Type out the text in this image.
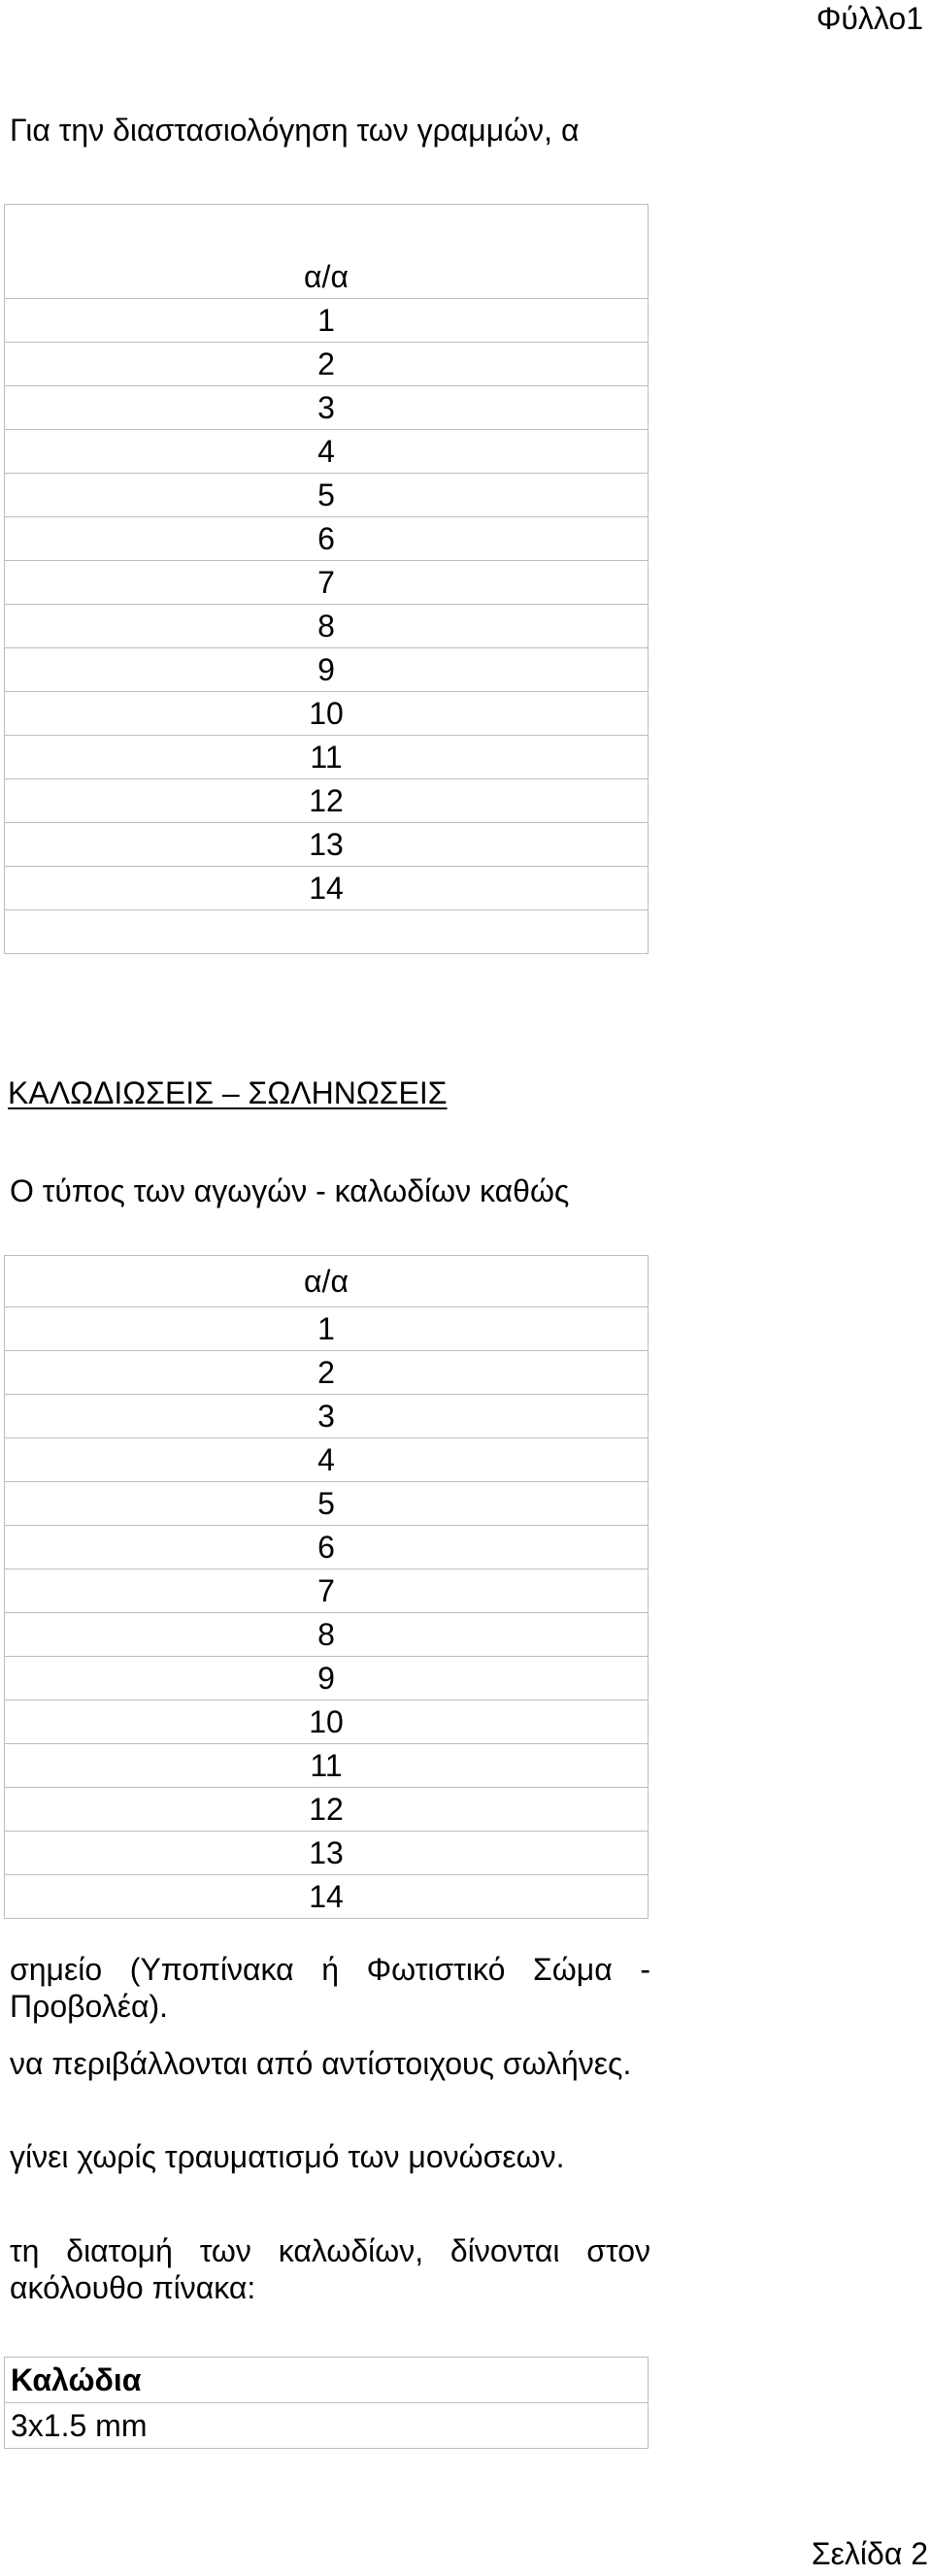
Φύλλο1
Για την διαστασιολόγηση των γραμμών, α
α/α
1
2
3
4
5
6
7
8
9
10
11
12
13
14

ΚΑΛΩΔΙΩΣΕΙΣ – ΣΩΛΗΝΩΣΕΙΣ
Ο τύπος των αγωγών - καλωδίων καθώς
α/α
1
2
3
4
5
6
7
8
9
10
11
12
13
14
σημείο (Υποπίνακα ή Φωτιστικό Σώμα - Προβολέα).
να περιβάλλονται από αντίστοιχους σωλήνες.
γίνει χωρίς τραυματισμό των μονώσεων.
τη διατομή των καλωδίων, δίνονται στον ακόλουθο πίνακα:
Καλώδια
3x1.5 mm
Σελίδα 2
